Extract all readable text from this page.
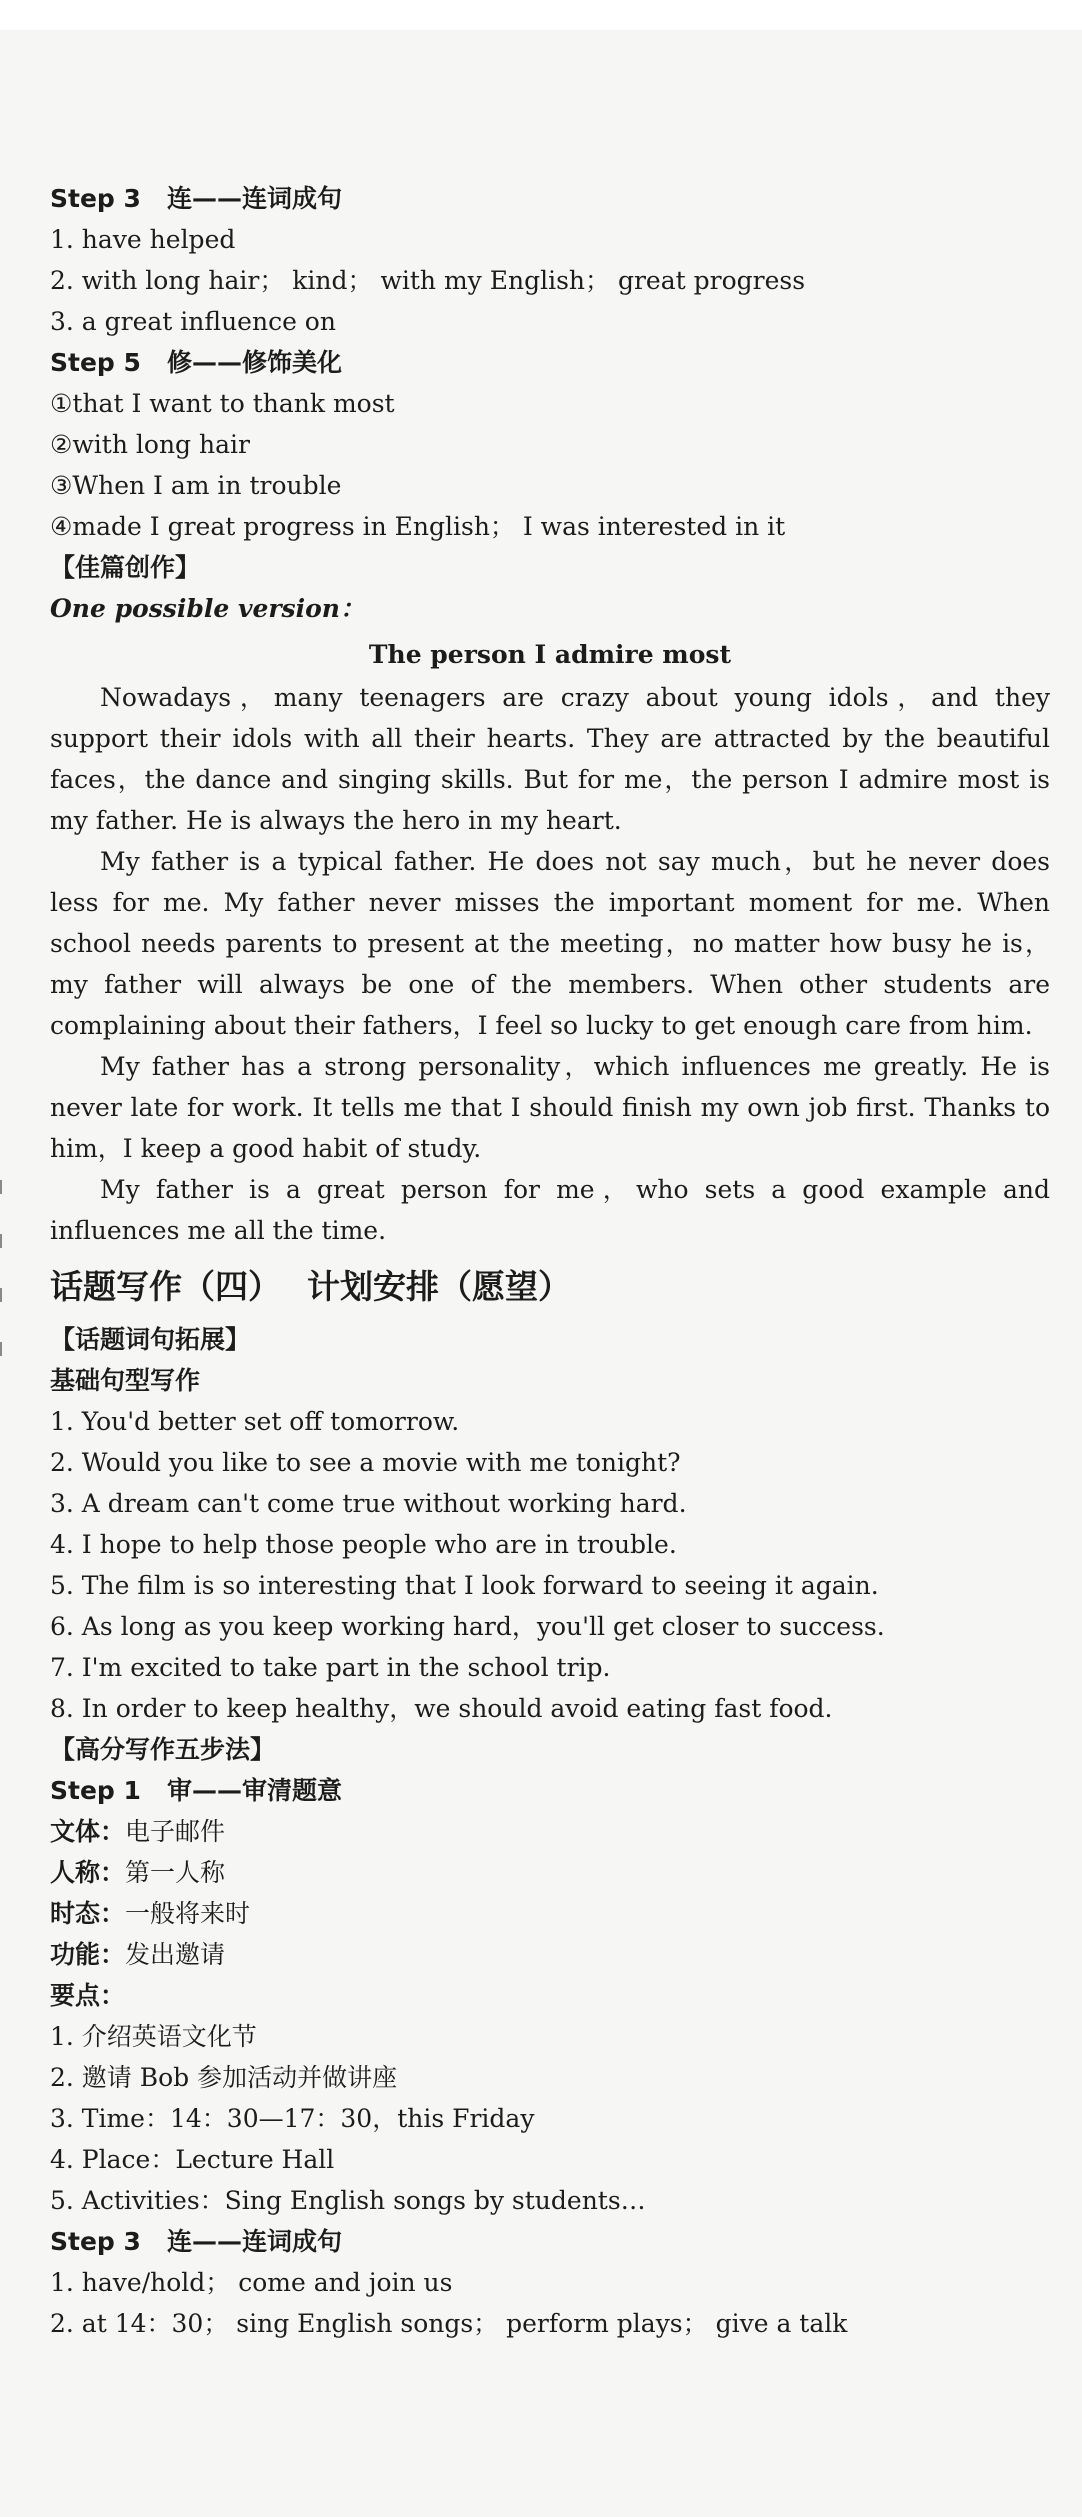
Step 3 连——连词成句
1. have helped
2. with long hair； kind； with my English； great progress
3. a great influence on
Step 5 修——修饰美化
①that I want to thank most
②with long hair
③When I am in trouble
④made I great progress in English； I was interested in it
【佳篇创作】
One possible version：
The person I admire most

Nowadays，many teenagers are crazy about young idols，and they support their idols with all their hearts. They are attracted by the beautiful faces，the dance and singing skills. But for me，the person I admire most is my father. He is always the hero in my heart.

My father is a typical father. He does not say much，but he never does less for me. My father never misses the important moment for me. When school needs parents to present at the meeting，no matter how busy he is，my father will always be one of the members. When other students are complaining about their fathers，I feel so lucky to get enough care from him.

My father has a strong personality，which influences me greatly. He is never late for work. It tells me that I should finish my own job first. Thanks to him，I keep a good habit of study.

My father is a great person for me，who sets a good example and influences me all the time.

话题写作（四） 计划安排（愿望）
【话题词句拓展】
基础句型写作
1. You'd better set off tomorrow.
2. Would you like to see a movie with me tonight?
3. A dream can't come true without working hard.
4. I hope to help those people who are in trouble.
5. The film is so interesting that I look forward to seeing it again.
6. As long as you keep working hard，you'll get closer to success.
7. I'm excited to take part in the school trip.
8. In order to keep healthy，we should avoid eating fast food.
【高分写作五步法】
Step 1 审——审清题意
文体：电子邮件
人称：第一人称
时态：一般将来时
功能：发出邀请
要点：
1. 介绍英语文化节
2. 邀请 Bob 参加活动并做讲座
3. Time：14：30—17：30，this Friday
4. Place：Lecture Hall
5. Activities：Sing English songs by students…
Step 3 连——连词成句
1. have/hold； come and join us
2. at 14：30； sing English songs； perform plays； give a talk
